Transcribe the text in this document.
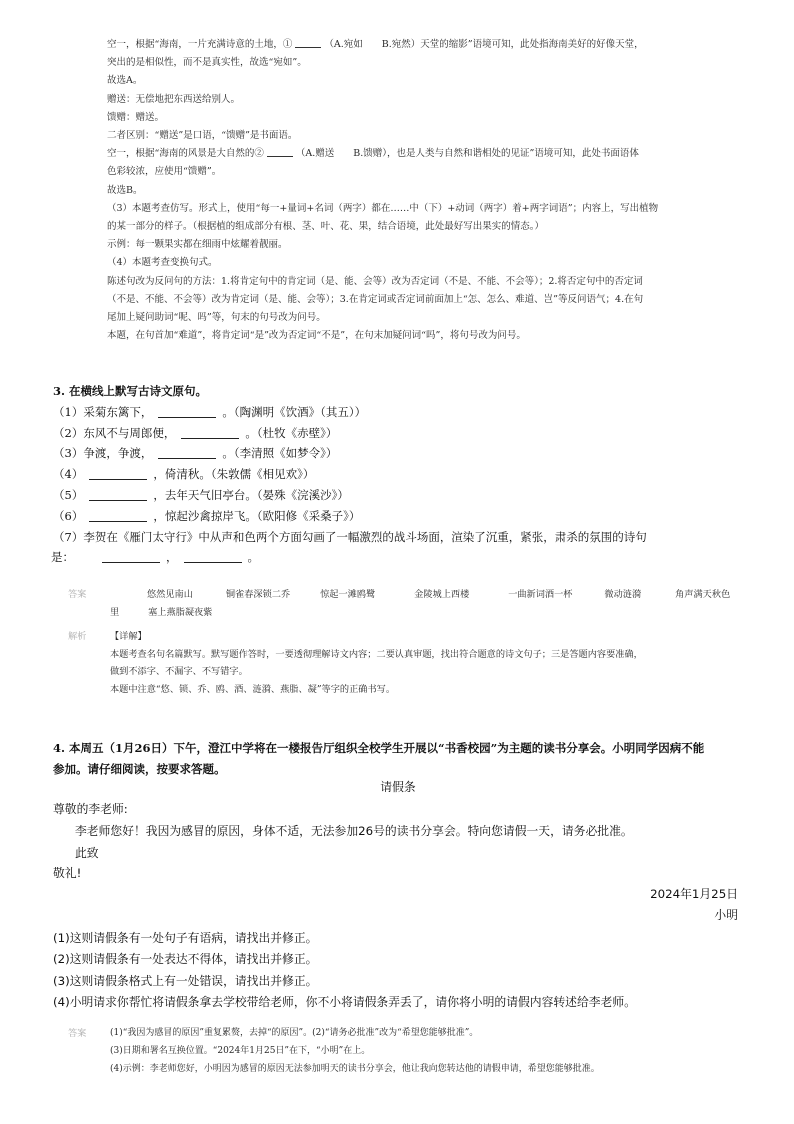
空一，根据“海南，一片充满诗意的土地，①	（A.宛如　　B.宛然）天堂的缩影”语境可知，此处指海南美好的好像天堂，

突出的是相似性，而不是真实性，故选“宛如”。

故选A。

赠送：无偿地把东西送给别人。

馈赠：赠送。

二者区别：“赠送”是口语，“馈赠”是书面语。

空一，根据“海南的风景是大自然的②	（A.赠送　　B.馈赠），也是人类与自然和谐相处的见证”语境可知，此处书面语体

色彩较浓，应使用“馈赠”。

故选B。

（3）本题考查仿写。形式上，使用“每一+量词+名词（两字）都在……中（下）+动词（两字）着+两字词语”；内容上，写出植物

的某一部分的样子。（根据植的组成部分有根、茎、叶、花、果，结合语境，此处最好写出果实的情态。）

示例：每一颗果实都在细雨中炫耀着靓丽。

（4）本题考查变换句式。

陈述句改为反问句的方法：1.将肯定句中的肯定词（是、能、会等）改为否定词（不是、不能、不会等）；2.将否定句中的否定词

（不是、不能、不会等）改为肯定词（是、能、会等）；3.在肯定词或否定词前面加上“怎、怎么、难道、岂”等反问语气；4.在句

尾加上疑问助词“呢、吗”等，句末的句号改为问号。

本题，在句首加“难道”，将肯定词“是”改为否定词“不是”，在句末加疑问词“吗”，将句号改为问号。

3. 在横线上默写古诗文原句。

（1）采菊东篱下，	。（陶渊明《饮酒》（其五））

（2）东风不与周郎便，	。（杜牧《赤壁》）

（3）争渡，争渡，	。（李清照《如梦令》）

（4）	，倚清秋。（朱敦儒《相见欢》）

（5）	，去年天气旧亭台。（晏殊《浣溪沙》）

（6）	，惊起沙禽掠岸飞。（欧阳修《采桑子》）

（7）李贺在《雁门太守行》中从声和色两个方面勾画了一幅激烈的战斗场面，渲染了沉重，紧张，肃杀的氛围的诗句

是：	，	。

答案	悠然见南山	铜雀春深锁二乔	惊起一滩鸥鹭	金陵城上西楼	一曲新词酒一杯	微动涟漪	角声满天秋色
里	塞上燕脂凝夜紫
解析	【详解】

本题考查名句名篇默写。默写题作答时，一要透彻理解诗文内容；二要认真审题，找出符合题意的诗文句子；三是答题内容要准确，

做到不添字、不漏字、不写错字。

本题中注意“悠、锁、乔、鸥、酒、涟漪、燕脂、凝”等字的正确书写。

4. 本周五（1月26日）下午，澄江中学将在一楼报告厅组织全校学生开展以“书香校园”为主题的读书分享会。小明同学因病不能

参加。请仔细阅读，按要求答题。

请假条
尊敬的李老师:
李老师您好！我因为感冒的原因，身体不适，无法参加26号的读书分享会。特向您请假一天，请务必批准。
此致
敬礼!
2024年1月25日
小明

(1)这则请假条有一处句子有语病，请找出并修正。

(2)这则请假条有一处表达不得体，请找出并修正。

(3)这则请假条格式上有一处错误，请找出并修正。

(4)小明请求你帮忙将请假条拿去学校带给老师，你不小将请假条弄丢了，请你将小明的请假内容转述给李老师。

答案	(1)“我因为感冒的原因”重复累赘，去掉“的原因”。(2)“请务必批准”改为“希望您能够批准”。

(3)日期和署名互换位置。“2024年1月25日”在下，“小明”在上。

(4)示例：李老师您好，小明因为感冒的原因无法参加明天的读书分享会，他让我向您转达他的请假申请，希望您能够批准。
